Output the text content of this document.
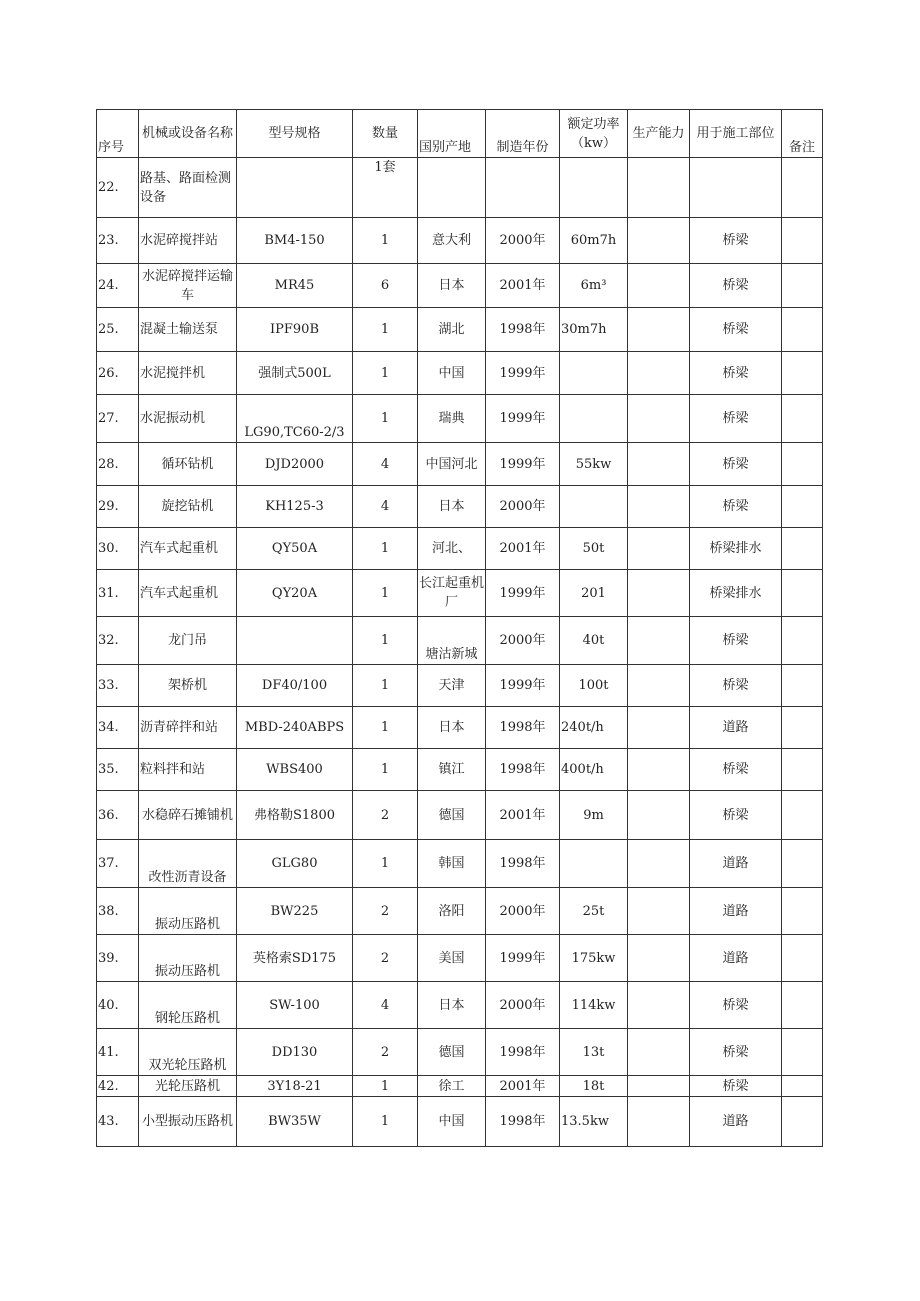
序号	机械或设备名称	型号规格	数量	国别产地	制造年份	额定功率（kw）	生产能力	用于施工部位	备注
22.	路基、路面检测设备		1套						
23.	水泥碎搅拌站	BM4-150	1	意大利	2000年	60m7h		桥梁	
24.	水泥碎搅拌运输车	MR45	6	日本	2001年	6m³		桥梁	
25.	混凝土输送泵	IPF90B	1	湖北	1998年	30m7h		桥梁	
26.	水泥搅拌机	强制式500L	1	中国	1999年			桥梁	
27.	水泥振动机	LG90,TC60-2/3	1	瑞典	1999年			桥梁	
28.	循环钻机	DJD2000	4	中国河北	1999年	55kw		桥梁	
29.	旋挖钻机	KH125-3	4	日本	2000年			桥梁	
30.	汽车式起重机	QY50A	1	河北、	2001年	50t		桥梁排水	
31.	汽车式起重机	QY20A	1	长江起重机厂	1999年	201		桥梁排水	
32.	龙门吊		1	塘沽新城	2000年	40t		桥梁	
33.	架桥机	DF40/100	1	天津	1999年	100t		桥梁	
34.	沥青碎拌和站	MBD-240ABPS	1	日本	1998年	240t/h		道路	
35.	粒料拌和站	WBS400	1	镇江	1998年	400t/h		桥梁	
36.	水稳碎石摊铺机	弗格勒S1800	2	德国	2001年	9m		桥梁	
37.	改性沥青设备	GLG80	1	韩国	1998年			道路	
38.	振动压路机	BW225	2	洛阳	2000年	25t		道路	
39.	振动压路机	英格索SD175	2	美国	1999年	175kw		道路	
40.	钢轮压路机	SW-100	4	日本	2000年	114kw		桥梁	
41.	双光轮压路机	DD130	2	德国	1998年	13t		桥梁	
42.	光轮压路机	3Y18-21	1	徐工	2001年	18t		桥梁	
43.	小型振动压路机	BW35W	1	中国	1998年	13.5kw		道路	
